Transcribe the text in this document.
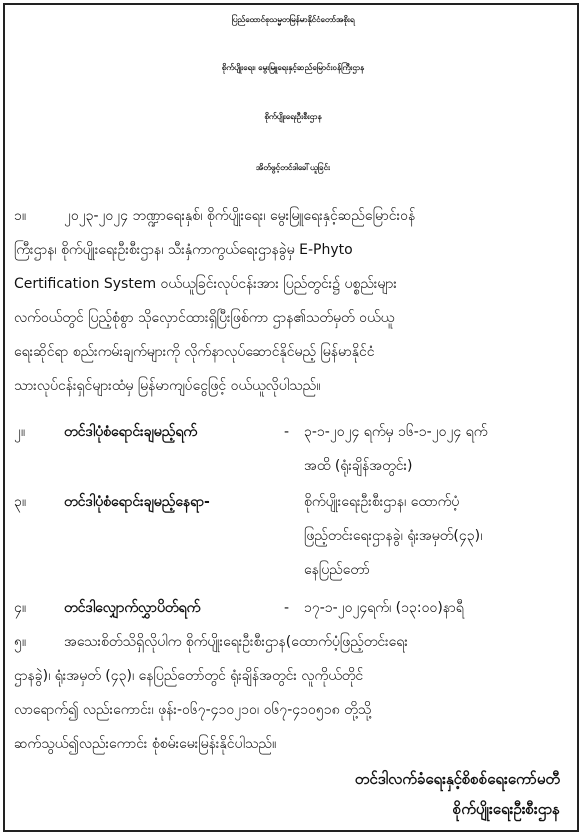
ပြည်ထောင်စုသမ္မတမြန်မာနိုင်ငံတော်အစိုးရ
စိုက်ပျိုးရေး၊ မွေးမြူရေးနှင့်ဆည်မြောင်းဝန်ကြီးဌာန
စိုက်ပျိုးရေးဦးစီးဌာန
အိတ်ဖွင့်တင်ဒါခေါ်ယူခြင်း
၁။	၂၀၂၃-၂၀၂၄ ဘဏ္ဍာရေးနှစ်၊ စိုက်ပျိုးရေး၊ မွေးမြူရေးနှင့်ဆည်မြောင်းဝန်
ကြီးဌာန၊ စိုက်ပျိုးရေးဦးစီးဌာန၊ သီးနှံကာကွယ်ရေးဌာနခွဲမှ E-Phyto
Certification System ဝယ်ယူခြင်းလုပ်ငန်းအား ပြည်တွင်း၌ ပစ္စည်းများ
လက်ဝယ်တွင် ပြည့်စုံစွာ သိုလှောင်ထားရှိပြီးဖြစ်ကာ ဌာန၏သတ်မှတ် ဝယ်ယူ
ရေးဆိုင်ရာ စည်းကမ်းချက်များကို လိုက်နာလုပ်ဆောင်နိုင်မည့် မြန်မာနိုင်ငံ
သားလုပ်ငန်းရှင်များထံမှ မြန်မာကျပ်ငွေဖြင့် ဝယ်ယူလိုပါသည်။
၂။	တင်ဒါပုံစံရောင်းချမည့်ရက်	- ၃-၁-၂၀၂၄ ရက်မှ ၁၆-၁-၂၀၂၄ ရက်
အထိ (ရုံးချိန်အတွင်း)
၃။	တင်ဒါပုံစံရောင်းချမည့်နေရာ-	စိုက်ပျိုးရေးဦးစီးဌာန၊ ထောက်ပံ့
ဖြည့်တင်းရေးဌာနခွဲ၊ ရုံးအမှတ်(၄၃)၊
နေပြည်တော်
၄။	တင်ဒါလျှောက်လွှာပိတ်ရက်	- ၁၇-၁-၂၀၂၄ရက်၊ (၁၃:၀၀)နာရီ
၅။	အသေးစိတ်သိရှိလိုပါက စိုက်ပျိုးရေးဦးစီးဌာန(ထောက်ပံ့ဖြည့်တင်းရေး
ဌာနခွဲ)၊ ရုံးအမှတ် (၄၃)၊ နေပြည်တော်တွင် ရုံးချိန်အတွင်း လူကိုယ်တိုင်
လာရောက်၍ လည်းကောင်း၊ ဖုန်း-၀၆၇-၄၁၀၂၁၀၊ ၀၆၇-၄၁၀၅၁၈ တို့သို့
ဆက်သွယ်၍လည်းကောင်း စုံစမ်းမေးမြန်းနိုင်ပါသည်။
တင်ဒါလက်ခံရေးနှင့်စိစစ်ရေးကော်မတီ
စိုက်ပျိုးရေးဦးစီးဌာန
